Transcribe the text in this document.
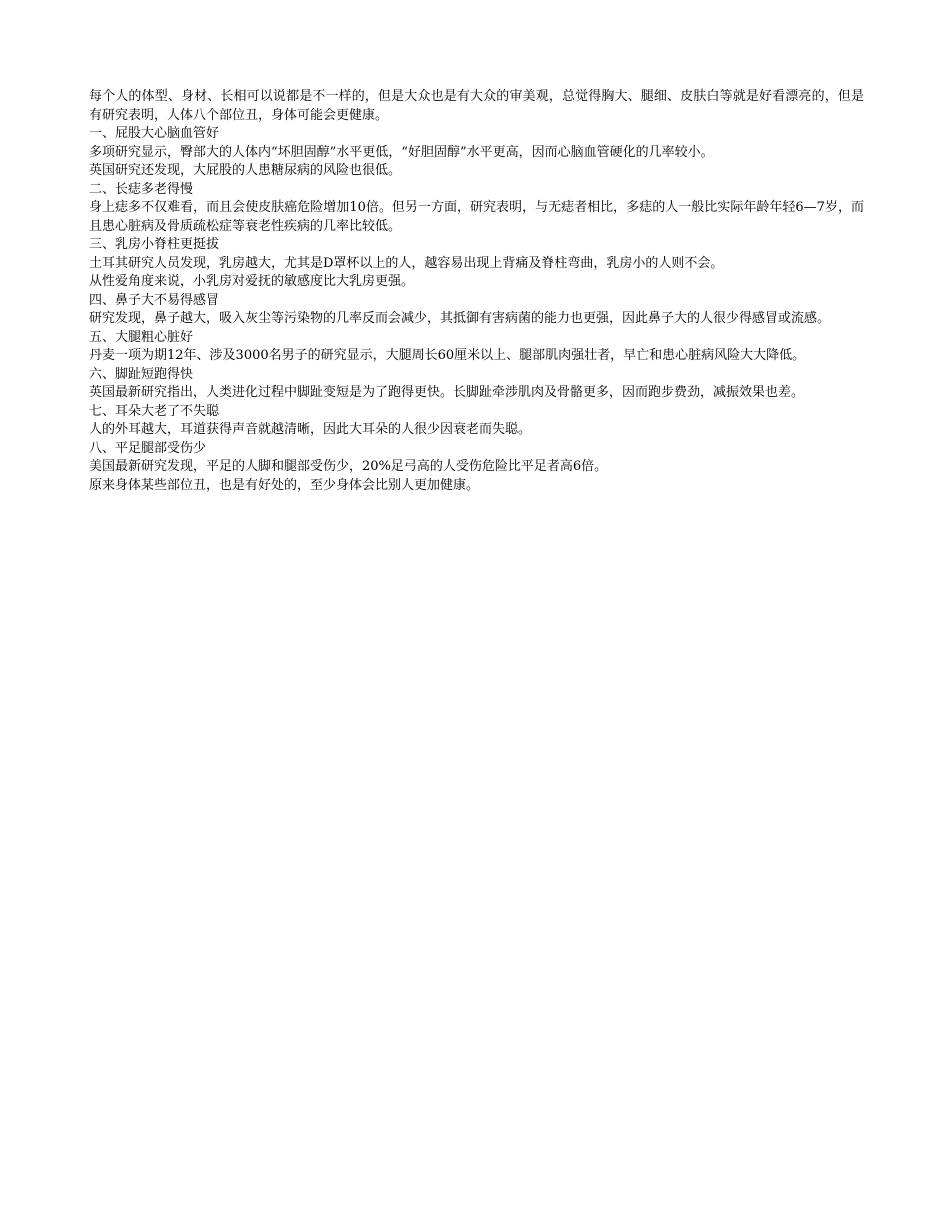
每个人的体型、身材、长相可以说都是不一样的，但是大众也是有大众的审美观，总觉得胸大、腿细、皮肤白等就是好看漂亮的，但是有研究表明，人体八个部位丑，身体可能会更健康。

一、屁股大心脑血管好

多项研究显示，臀部大的人体内“坏胆固醇”水平更低，“好胆固醇”水平更高，因而心脑血管硬化的几率较小。

英国研究还发现，大屁股的人患糖尿病的风险也很低。

二、长痣多老得慢

身上痣多不仅难看，而且会使皮肤癌危险增加10倍。但另一方面，研究表明，与无痣者相比，多痣的人一般比实际年龄年轻6—7岁，而且患心脏病及骨质疏松症等衰老性疾病的几率比较低。

三、乳房小脊柱更挺拔

土耳其研究人员发现，乳房越大，尤其是D罩杯以上的人，越容易出现上背痛及脊柱弯曲，乳房小的人则不会。

从性爱角度来说，小乳房对爱抚的敏感度比大乳房更强。

四、鼻子大不易得感冒

研究发现，鼻子越大，吸入灰尘等污染物的几率反而会减少，其抵御有害病菌的能力也更强，因此鼻子大的人很少得感冒或流感。

五、大腿粗心脏好

丹麦一项为期12年、涉及3000名男子的研究显示，大腿周长60厘米以上、腿部肌肉强壮者，早亡和患心脏病风险大大降低。

六、脚趾短跑得快

英国最新研究指出，人类进化过程中脚趾变短是为了跑得更快。长脚趾牵涉肌肉及骨骼更多，因而跑步费劲，减振效果也差。

七、耳朵大老了不失聪

人的外耳越大，耳道获得声音就越清晰，因此大耳朵的人很少因衰老而失聪。

八、平足腿部受伤少

美国最新研究发现，平足的人脚和腿部受伤少，20%足弓高的人受伤危险比平足者高6倍。

原来身体某些部位丑，也是有好处的，至少身体会比别人更加健康。
